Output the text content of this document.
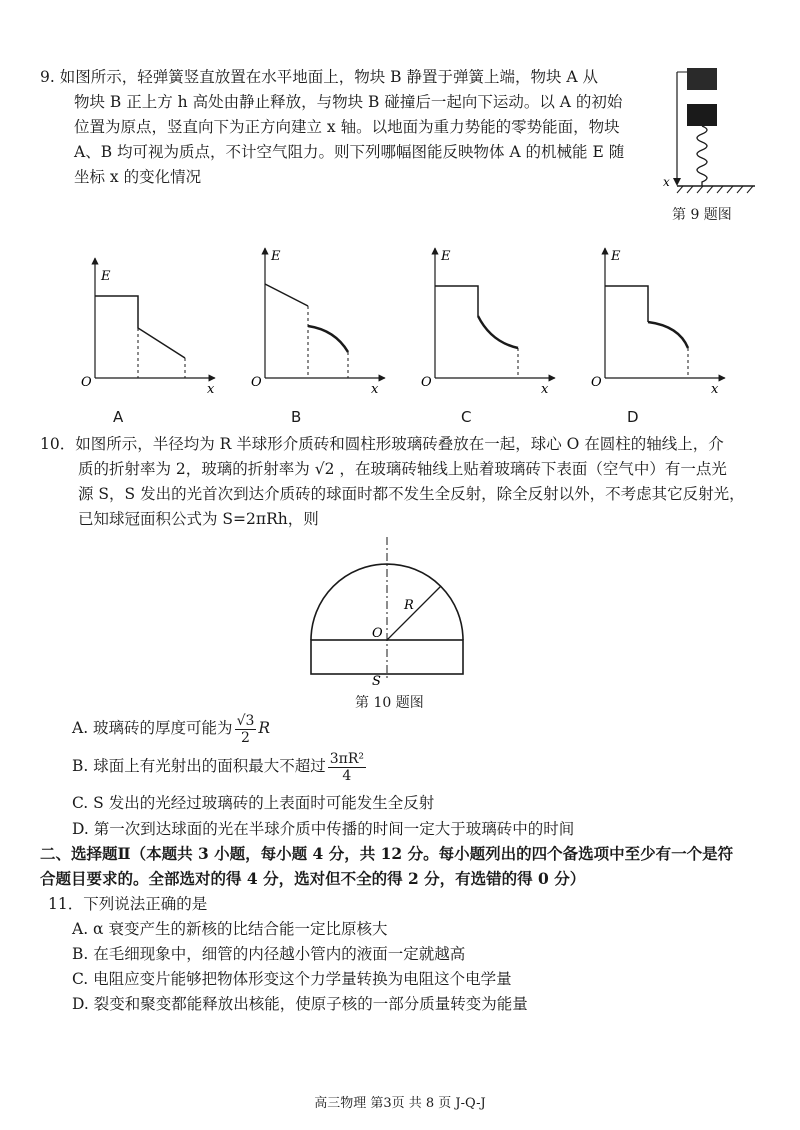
9. 如图所示，轻弹簧竖直放置在水平地面上，物块 B 静置于弹簧上端，物块 A 从
物块 B 正上方 h 高处由静止释放，与物块 B 碰撞后一起向下运动。以 A 的初始
位置为原点，竖直向下为正方向建立 x 轴。以地面为重力势能的零势能面，物块
A、B 均可视为质点，不计空气阻力。则下列哪幅图能反映物体 A 的机械能 E 随
坐标 x 的变化情况	x
第 9 题图
E
O	x
E
O	x
E
O	x
E
O	x
A	B	C	D
10．如图所示，半径均为 R 半球形介质砖和圆柱形玻璃砖叠放在一起，球心 O 在圆柱的轴线上，介
质的折射率为 2，玻璃的折射率为 √2 ，在玻璃砖轴线上贴着玻璃砖下表面（空气中）有一点光
源 S，S 发出的光首次到达介质砖的球面时都不发生全反射，除全反射以外，不考虑其它反射光，
已知球冠面积公式为 S=2πRh，则
R
O
S
第 10 题图
A. 玻璃砖的厚度可能为 $\frac{√3}{2}$ R
B. 球面上有光射出的面积最大不超过 $\frac{\text{3πR²}}{4}$
C. S 发出的光经过玻璃砖的上表面时可能发生全反射
D. 第一次到达球面的光在半球介质中传播的时间一定大于玻璃砖中的时间
二、选择题Ⅱ（本题共 3 小题，每小题 4 分，共 12 分。每小题列出的四个备选项中至少有一个是符
合题目要求的。全部选对的得 4 分，选对但不全的得 2 分，有选错的得 0 分）
11．下列说法正确的是
A. α 衰变产生的新核的比结合能一定比原核大
B. 在毛细现象中，细管的内径越小管内的液面一定就越高
C. 电阻应变片能够把物体形变这个力学量转换为电阻这个电学量
D. 裂变和聚变都能释放出核能，使原子核的一部分质量转变为能量
高三物理 第3页 共 8 页 J-Q-J
